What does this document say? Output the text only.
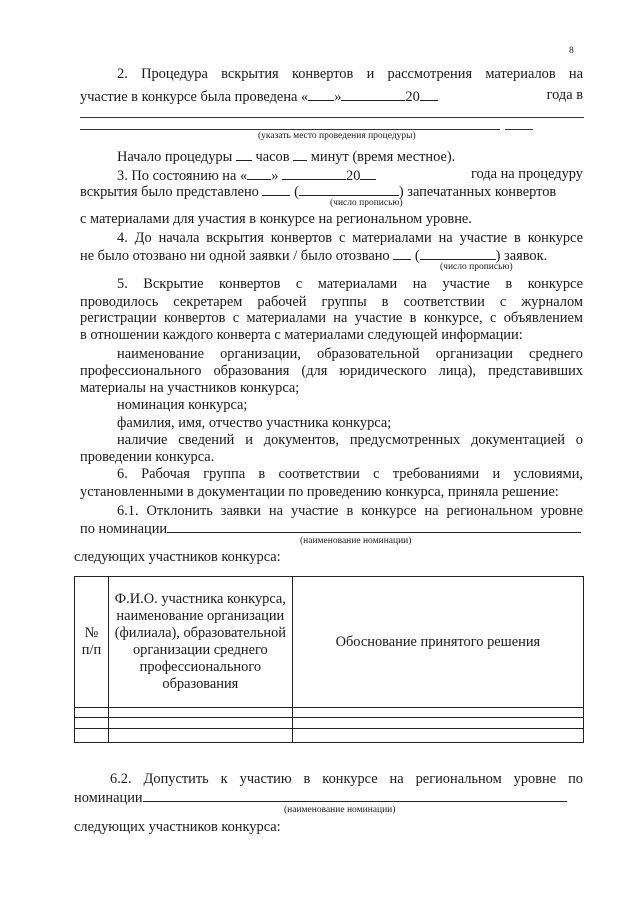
8
2. Процедура вскрытия конвертов и рассмотрения материалов на
участие в конкурсе была проведена « »	20	года в
(указать место проведения процедуры)
Начало процедуры часов минут (время местное).
3. По состоянию на « »	20	года на процедуру
вскрытия было представлено (	) запечатанных конвертов
(число прописью)
с материалами для участия в конкурсе на региональном уровне.
4. До начала вскрытия конвертов с материалами на участие в конкурсе
не было отозвано ни одной заявки / было отозвано (	) заявок.
(число прописью)
5. Вскрытие конвертов с материалами на участие в конкурсе
проводилось секретарем рабочей группы в соответствии с журналом
регистрации конвертов с материалами на участие в конкурсе, с объявлением
в отношении каждого конверта с материалами следующей информации:
наименование организации, образовательной организации среднего
профессионального образования (для юридического лица), представивших
материалы на участников конкурса;
номинация конкурса;
фамилия, имя, отчество участника конкурса;
наличие сведений и документов, предусмотренных документацией о
проведении конкурса.
6. Рабочая группа в соответствии с требованиями и условиями,
установленными в документации по проведению конкурса, приняла решение:
6.1. Отклонить заявки на участие в конкурсе на региональном уровне
по номинации
(наименование номинации)
следующих участников конкурса:
№ п/п	Ф.И.О. участника конкурса, наименование организации (филиала), образовательной организации среднего профессионального образования	Обоснование принятого решения

6.2. Допустить к участию в конкурсе на региональном уровне по
номинации
(наименование номинации)
следующих участников конкурса:
